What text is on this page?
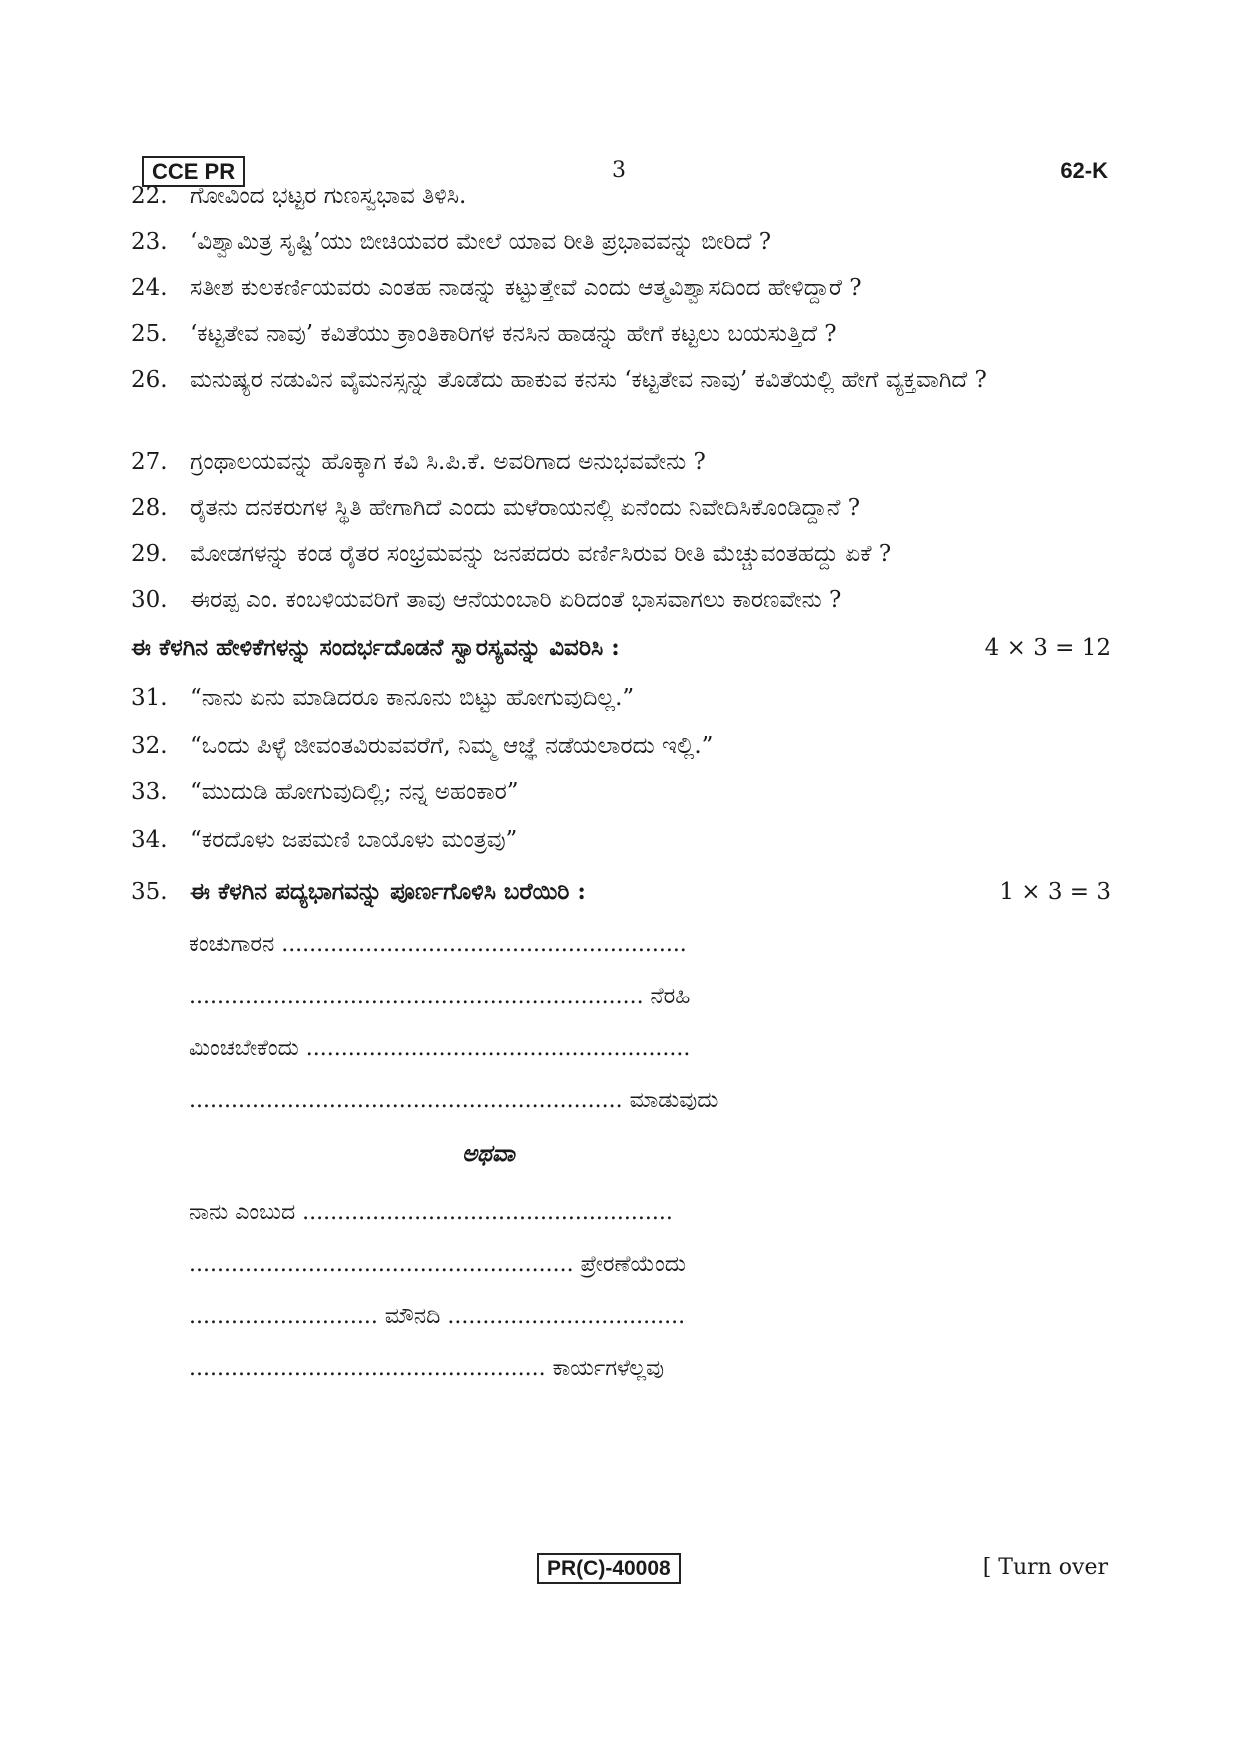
CCE PR	3	62-K
22. ಗೋವಿಂದ ಭಟ್ಟರ ಗುಣಸ್ವಭಾವ ತಿಳಿಸಿ.
23. ‘ವಿಶ್ವಾಮಿತ್ರ ಸೃಷ್ಟಿ’ಯು ಬೀಚಿಯವರ ಮೇಲೆ ಯಾವ ರೀತಿ ಪ್ರಭಾವವನ್ನು ಬೀರಿದೆ ?
24. ಸತೀಶ ಕುಲಕರ್ಣಿಯವರು ಎಂತಹ ನಾಡನ್ನು ಕಟ್ಟುತ್ತೇವೆ ಎಂದು ಆತ್ಮವಿಶ್ವಾಸದಿಂದ ಹೇಳಿದ್ದಾರೆ ?
25. ‘ಕಟ್ಟತೇವ ನಾವು’ ಕವಿತೆಯು ಕ್ರಾಂತಿಕಾರಿಗಳ ಕನಸಿನ ಹಾಡನ್ನು ಹೇಗೆ ಕಟ್ಟಲು ಬಯಸುತ್ತಿದೆ ?
26. ಮನುಷ್ಯರ ನಡುವಿನ ವೈಮನಸ್ಸನ್ನು ತೊಡೆದು ಹಾಕುವ ಕನಸು ‘ಕಟ್ಟತೇವ ನಾವು’ ಕವಿತೆಯಲ್ಲಿ ಹೇಗೆ ವ್ಯಕ್ತವಾಗಿದೆ ?
27. ಗ್ರಂಥಾಲಯವನ್ನು ಹೊಕ್ಕಾಗ ಕವಿ ಸಿ.ಪಿ.ಕೆ. ಅವರಿಗಾದ ಅನುಭವವೇನು ?
28. ರೈತನು ದನಕರುಗಳ ಸ್ಥಿತಿ ಹೇಗಾಗಿದೆ ಎಂದು ಮಳೆರಾಯನಲ್ಲಿ ಏನೆಂದು ನಿವೇದಿಸಿಕೊಂಡಿದ್ದಾನೆ ?
29. ಮೋಡಗಳನ್ನು ಕಂಡ ರೈತರ ಸಂಭ್ರಮವನ್ನು ಜನಪದರು ವರ್ಣಿಸಿರುವ ರೀತಿ ಮೆಚ್ಚುವಂತಹದ್ದು ಏಕೆ ?
30. ಈರಪ್ಪ ಎಂ. ಕಂಬಳಿಯವರಿಗೆ ತಾವು ಆನೆಯಂಬಾರಿ ಏರಿದಂತೆ ಭಾಸವಾಗಲು ಕಾರಣವೇನು ?
ಈ ಕೆಳಗಿನ ಹೇಳಿಕೆಗಳನ್ನು ಸಂದರ್ಭದೊಡನೆ ಸ್ವಾರಸ್ಯವನ್ನು ವಿವರಿಸಿ :	4 × 3 = 12
31. “ನಾನು ಏನು ಮಾಡಿದರೂ ಕಾನೂನು ಬಿಟ್ಟು ಹೋಗುವುದಿಲ್ಲ.”
32. “ಒಂದು ಪಿಳ್ಳೆ ಜೀವಂತವಿರುವವರೆಗೆ, ನಿಮ್ಮ ಆಜ್ಞೆ ನಡೆಯಲಾರದು ಇಲ್ಲಿ.”
33. “ಮುದುಡಿ ಹೋಗುವುದಿಲ್ಲಿ; ನನ್ನ ಅಹಂಕಾರ”
34. “ಕರದೊಳು ಜಪಮಣಿ ಬಾಯೊಳು ಮಂತ್ರವು”
35. ಈ ಕೆಳಗಿನ ಪದ್ಯಭಾಗವನ್ನು ಪೂರ್ಣಗೊಳಿಸಿ ಬರೆಯಿರಿ :	1 × 3 = 3
ಕಂಚುಗಾರನ ..........................................................
................................................................. ನೆರಹಿ
ಮಿಂಚಬೇಕೆಂದು .......................................................
.............................................................. ಮಾಡುವುದು
ಅಥವಾ
ನಾನು ಎಂಬುದ .....................................................
....................................................... ಪ್ರೇರಣೆಯೆಂದು
........................... ಮೌನದಿ ..................................
................................................... ಕಾರ್ಯಗಳೆಲ್ಲವು
PR(C)-40008	[ Turn over
